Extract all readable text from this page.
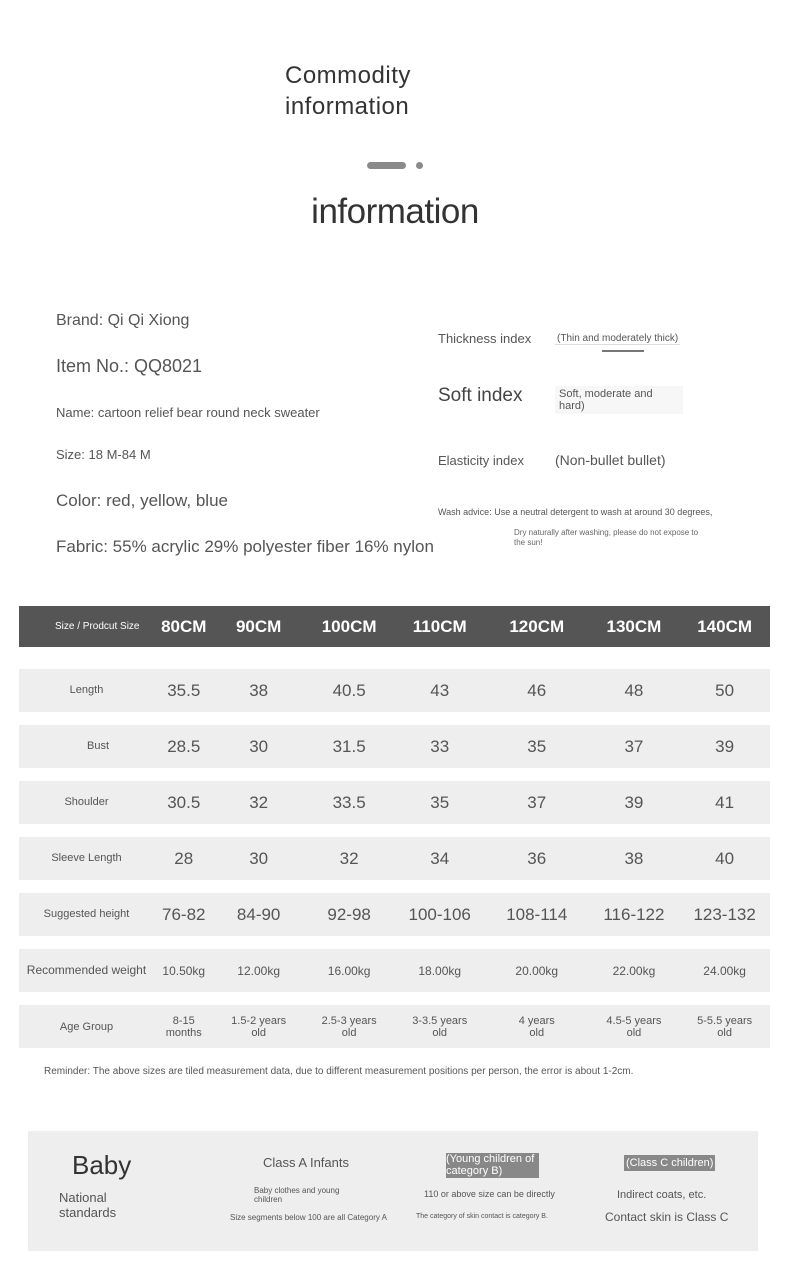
Commodity information
information
Brand: Qi Qi Xiong
Item No.: QQ8021
Name: cartoon relief bear round neck sweater
Size: 18 M-84 M
Color: red, yellow, blue
Fabric: 55% acrylic 29% polyester fiber 16% nylon
Thickness index	(Thin and moderately thick)
Soft index	Soft, moderate and hard)
Elasticity index (Non-bullet bullet)
Wash advice: Use a neutral detergent to wash at around 30 degrees,
Dry naturally after washing, please do not expose to the sun!
Size / Prodcut Size	80CM	90CM	100CM	110CM	120CM	130CM	140CM

Length	35.5	38	40.5	43	46	48	50

Bust	28.5	30	31.5	33	35	37	39

Shoulder	30.5	32	33.5	35	37	39	41

Sleeve Length	28	30	32	34	36	38	40

Suggested height	76-82	84-90	92-98	100-106	108-114	116-122	123-132

Recommended weight	10.50kg	12.00kg	16.00kg	18.00kg	20.00kg	22.00kg	24.00kg

Age Group	8-15 months	1.5-2 years old	2.5-3 years old	3-3.5 years old	4 years old	4.5-5 years old	5-5.5 years old
Reminder: The above sizes are tiled measurement data, due to different measurement positions per person, the error is about 1-2cm.
Baby
National standards
Class A Infants
Baby clothes and young children
Size segments below 100 are all Category A
(Young children of category B)
110 or above size can be directly
The category of skin contact is category B.
(Class C children)
Indirect coats, etc.
Contact skin is Class C
